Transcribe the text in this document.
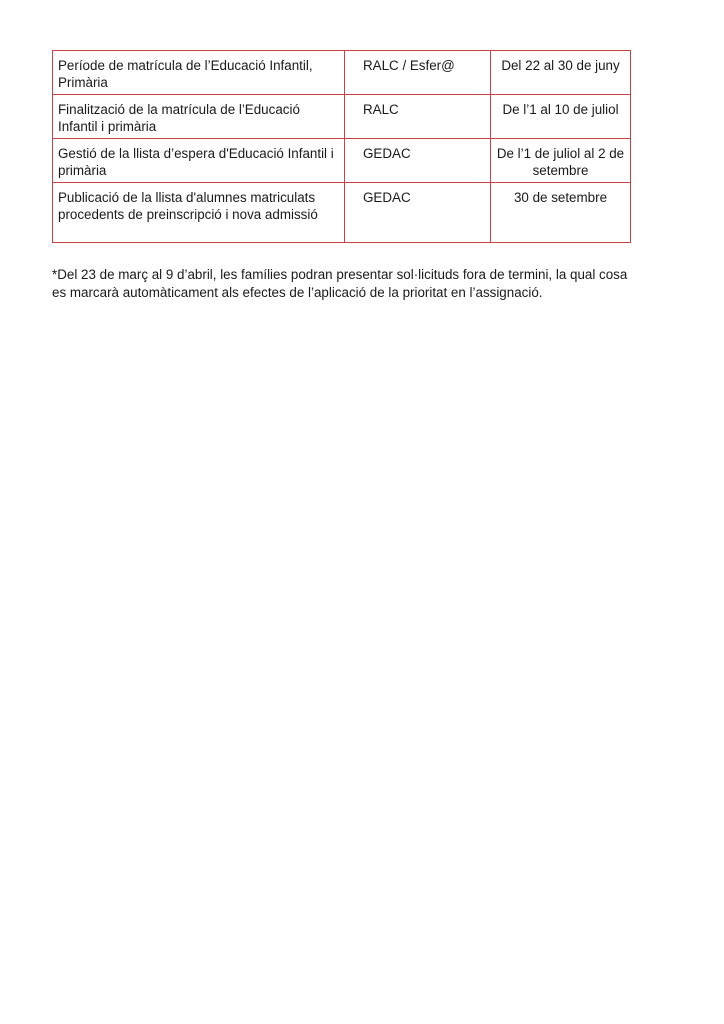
Període de matrícula de l’Educació Infantil, Primària	RALC / Esfer@	Del 22 al 30 de juny
Finalització de la matrícula de l’Educació Infantil i primària	RALC	De l’1 al 10 de juliol
Gestió de la llista d’espera d'Educació Infantil i primària	GEDAC	De l’1 de juliol al 2 de setembre
Publicació de la llista d'alumnes matriculats procedents de preinscripció i nova admissió	GEDAC	30 de setembre

*Del 23 de març al 9 d’abril, les famílies podran presentar sol·licituds fora de termini, la qual cosa es marcarà automàticament als efectes de l’aplicació de la prioritat en l’assignació.
